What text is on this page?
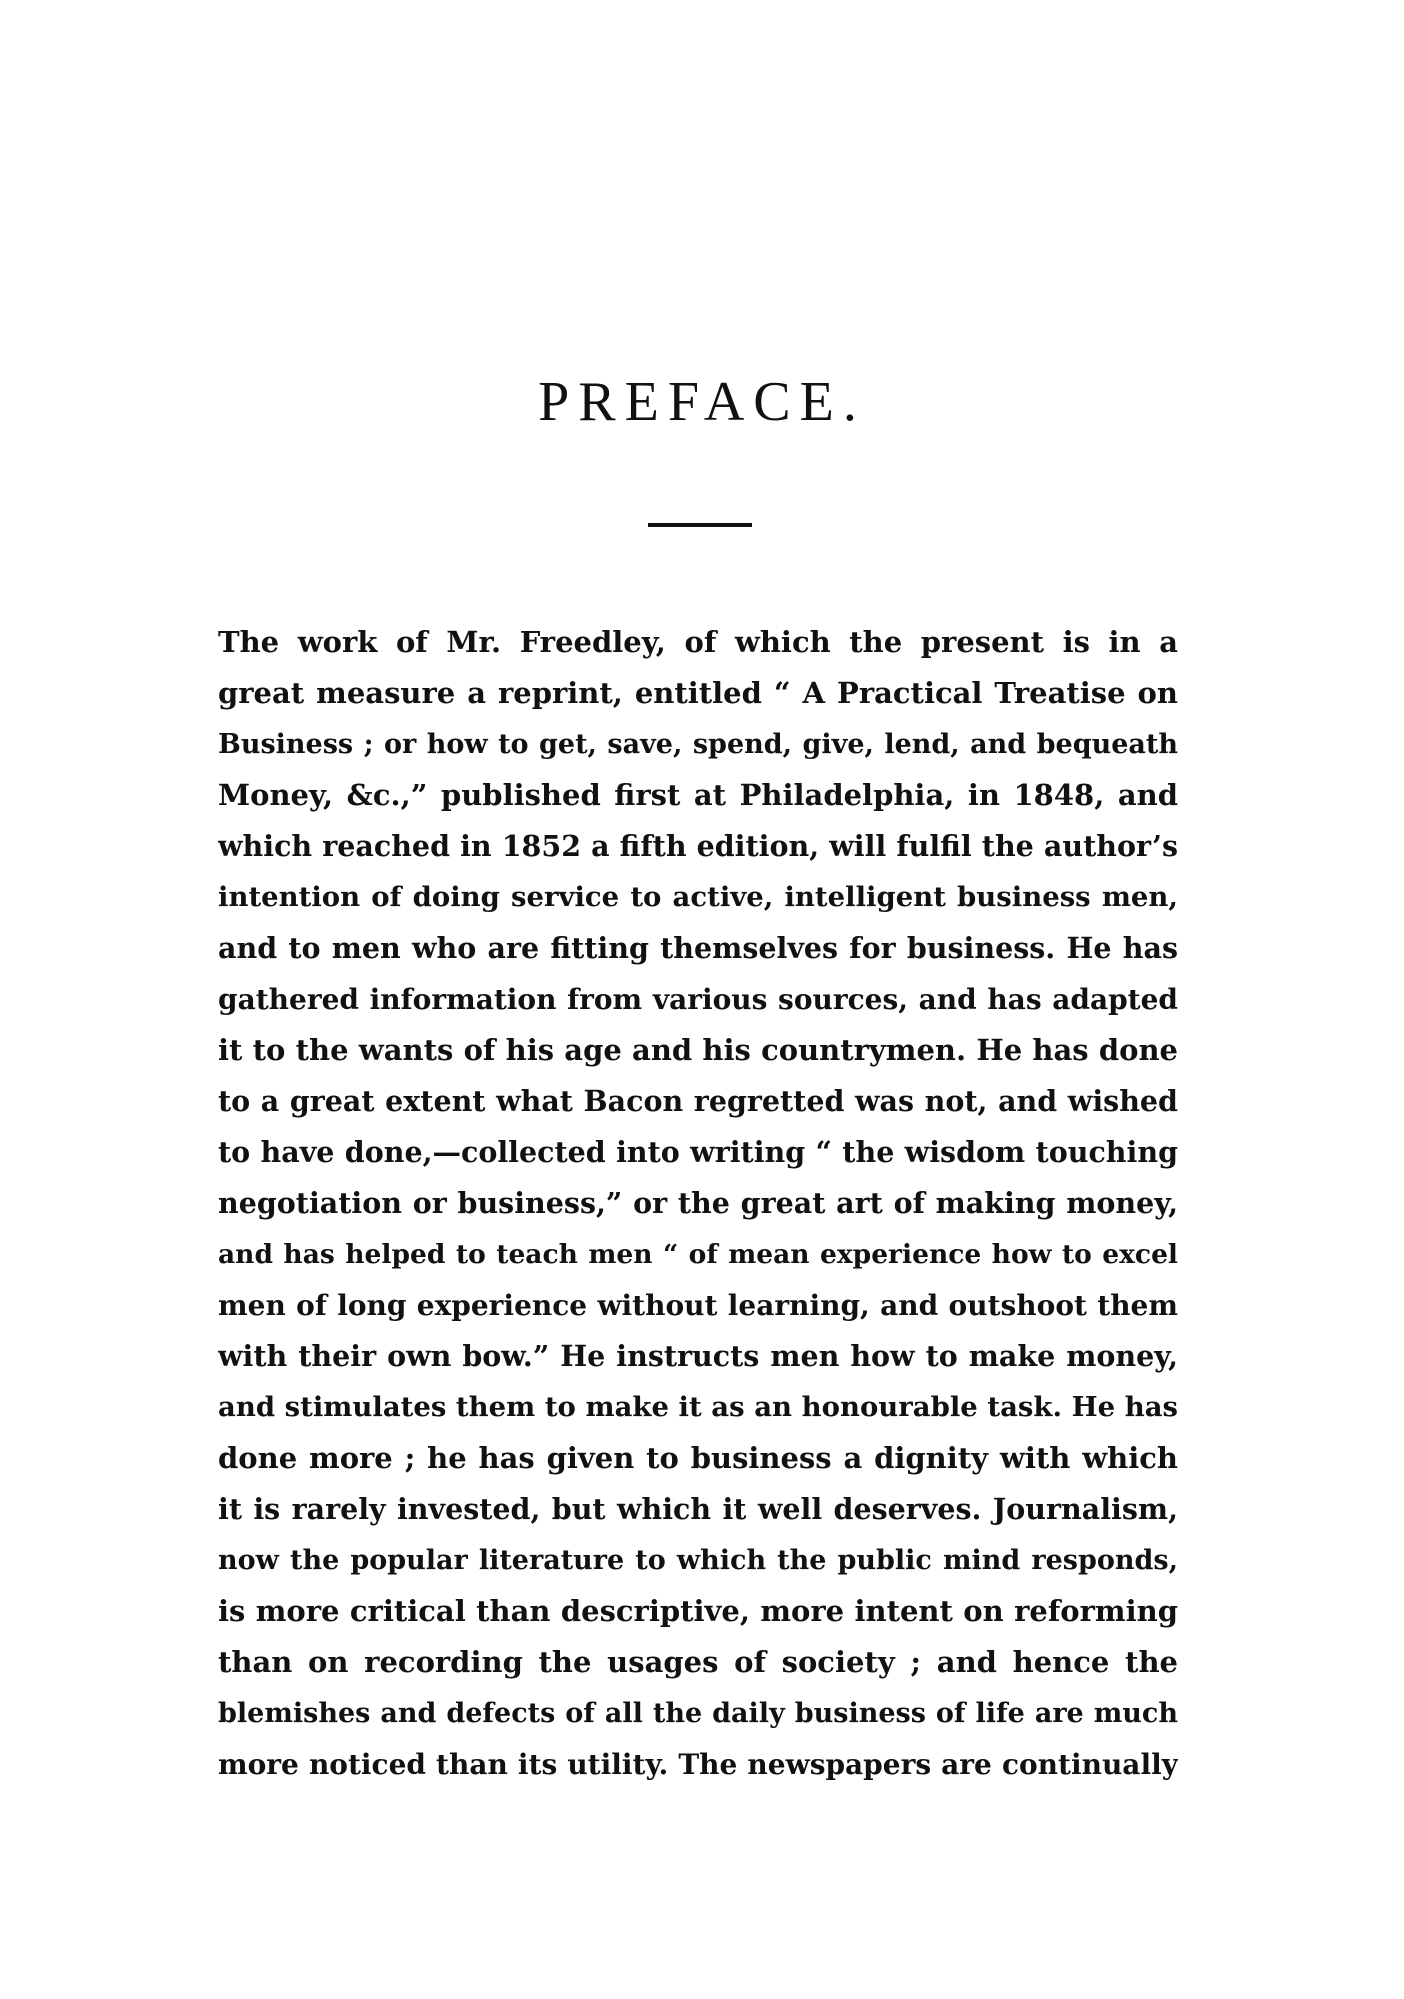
PREFACE.
The work of Mr. Freedley, of which the present is in a
great measure a reprint, entitled “ A Practical Treatise on
Business ; or how to get, save, spend, give, lend, and bequeath
Money, &c.,” published first at Philadelphia, in 1848, and
which reached in 1852 a fifth edition, will fulfil the author’s
intention of doing service to active, intelligent business men,
and to men who are fitting themselves for business. He has
gathered information from various sources, and has adapted
it to the wants of his age and his countrymen. He has done
to a great extent what Bacon regretted was not, and wished
to have done,—collected into writing “ the wisdom touching
negotiation or business,” or the great art of making money,
and has helped to teach men “ of mean experience how to excel
men of long experience without learning, and outshoot them
with their own bow.” He instructs men how to make money,
and stimulates them to make it as an honourable task. He has
done more ; he has given to business a dignity with which
it is rarely invested, but which it well deserves. Journalism,
now the popular literature to which the public mind responds,
is more critical than descriptive, more intent on reforming
than on recording the usages of society ; and hence the
blemishes and defects of all the daily business of life are much
more noticed than its utility. The newspapers are continually
